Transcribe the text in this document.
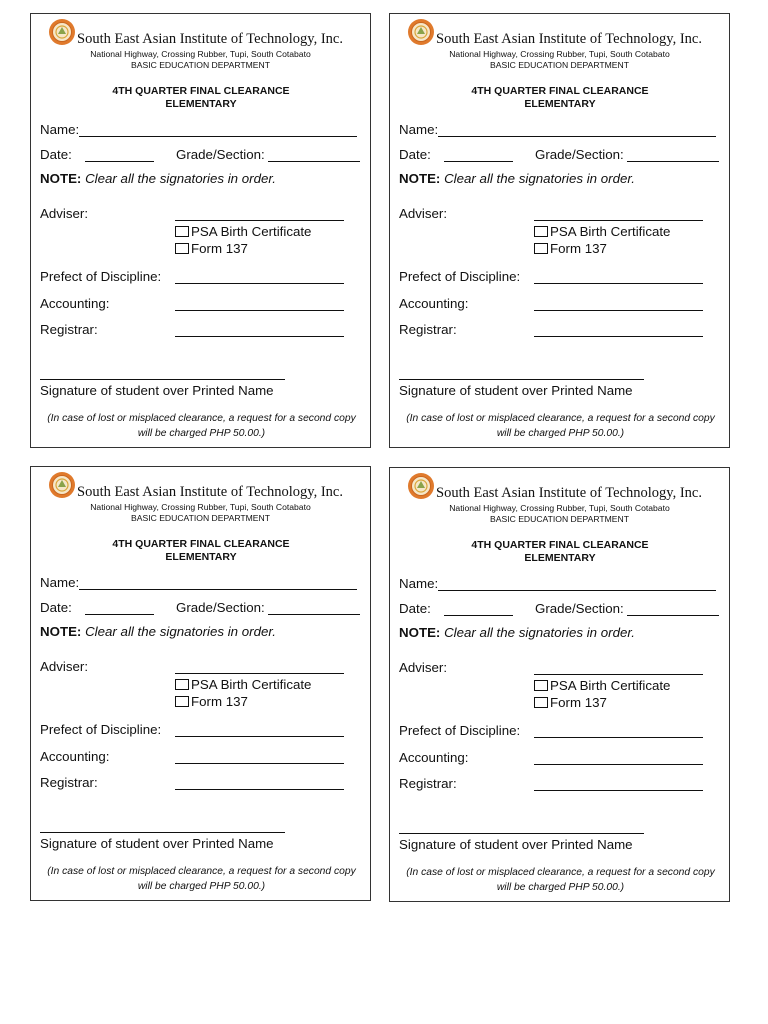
South East Asian Institute of Technology, Inc.
National Highway, Crossing Rubber, Tupi, South Cotabato
BASIC EDUCATION DEPARTMENT
4TH QUARTER FINAL CLEARANCE
ELEMENTARY
Name:
Date:	Grade/Section:
NOTE: Clear all the signatories in order.
Adviser:
PSA Birth Certificate
Form 137
Prefect of Discipline:
Accounting:
Registrar:
Signature of student over Printed Name
(In case of lost or misplaced clearance, a request for a second copy will be charged PHP 50.00.)
South East Asian Institute of Technology, Inc.
National Highway, Crossing Rubber, Tupi, South Cotabato
BASIC EDUCATION DEPARTMENT
4TH QUARTER FINAL CLEARANCE
ELEMENTARY
Name:
Date:	Grade/Section:
NOTE: Clear all the signatories in order.
Adviser:
PSA Birth Certificate
Form 137
Prefect of Discipline:
Accounting:
Registrar:
Signature of student over Printed Name
(In case of lost or misplaced clearance, a request for a second copy will be charged PHP 50.00.)
South East Asian Institute of Technology, Inc.
National Highway, Crossing Rubber, Tupi, South Cotabato
BASIC EDUCATION DEPARTMENT
4TH QUARTER FINAL CLEARANCE
ELEMENTARY
Name:
Date:	Grade/Section:
NOTE: Clear all the signatories in order.
Adviser:
PSA Birth Certificate
Form 137
Prefect of Discipline:
Accounting:
Registrar:
Signature of student over Printed Name
(In case of lost or misplaced clearance, a request for a second copy will be charged PHP 50.00.)
South East Asian Institute of Technology, Inc.
National Highway, Crossing Rubber, Tupi, South Cotabato
BASIC EDUCATION DEPARTMENT
4TH QUARTER FINAL CLEARANCE
ELEMENTARY
Name:
Date:	Grade/Section:
NOTE: Clear all the signatories in order.
Adviser:
PSA Birth Certificate
Form 137
Prefect of Discipline:
Accounting:
Registrar:
Signature of student over Printed Name
(In case of lost or misplaced clearance, a request for a second copy will be charged PHP 50.00.)
